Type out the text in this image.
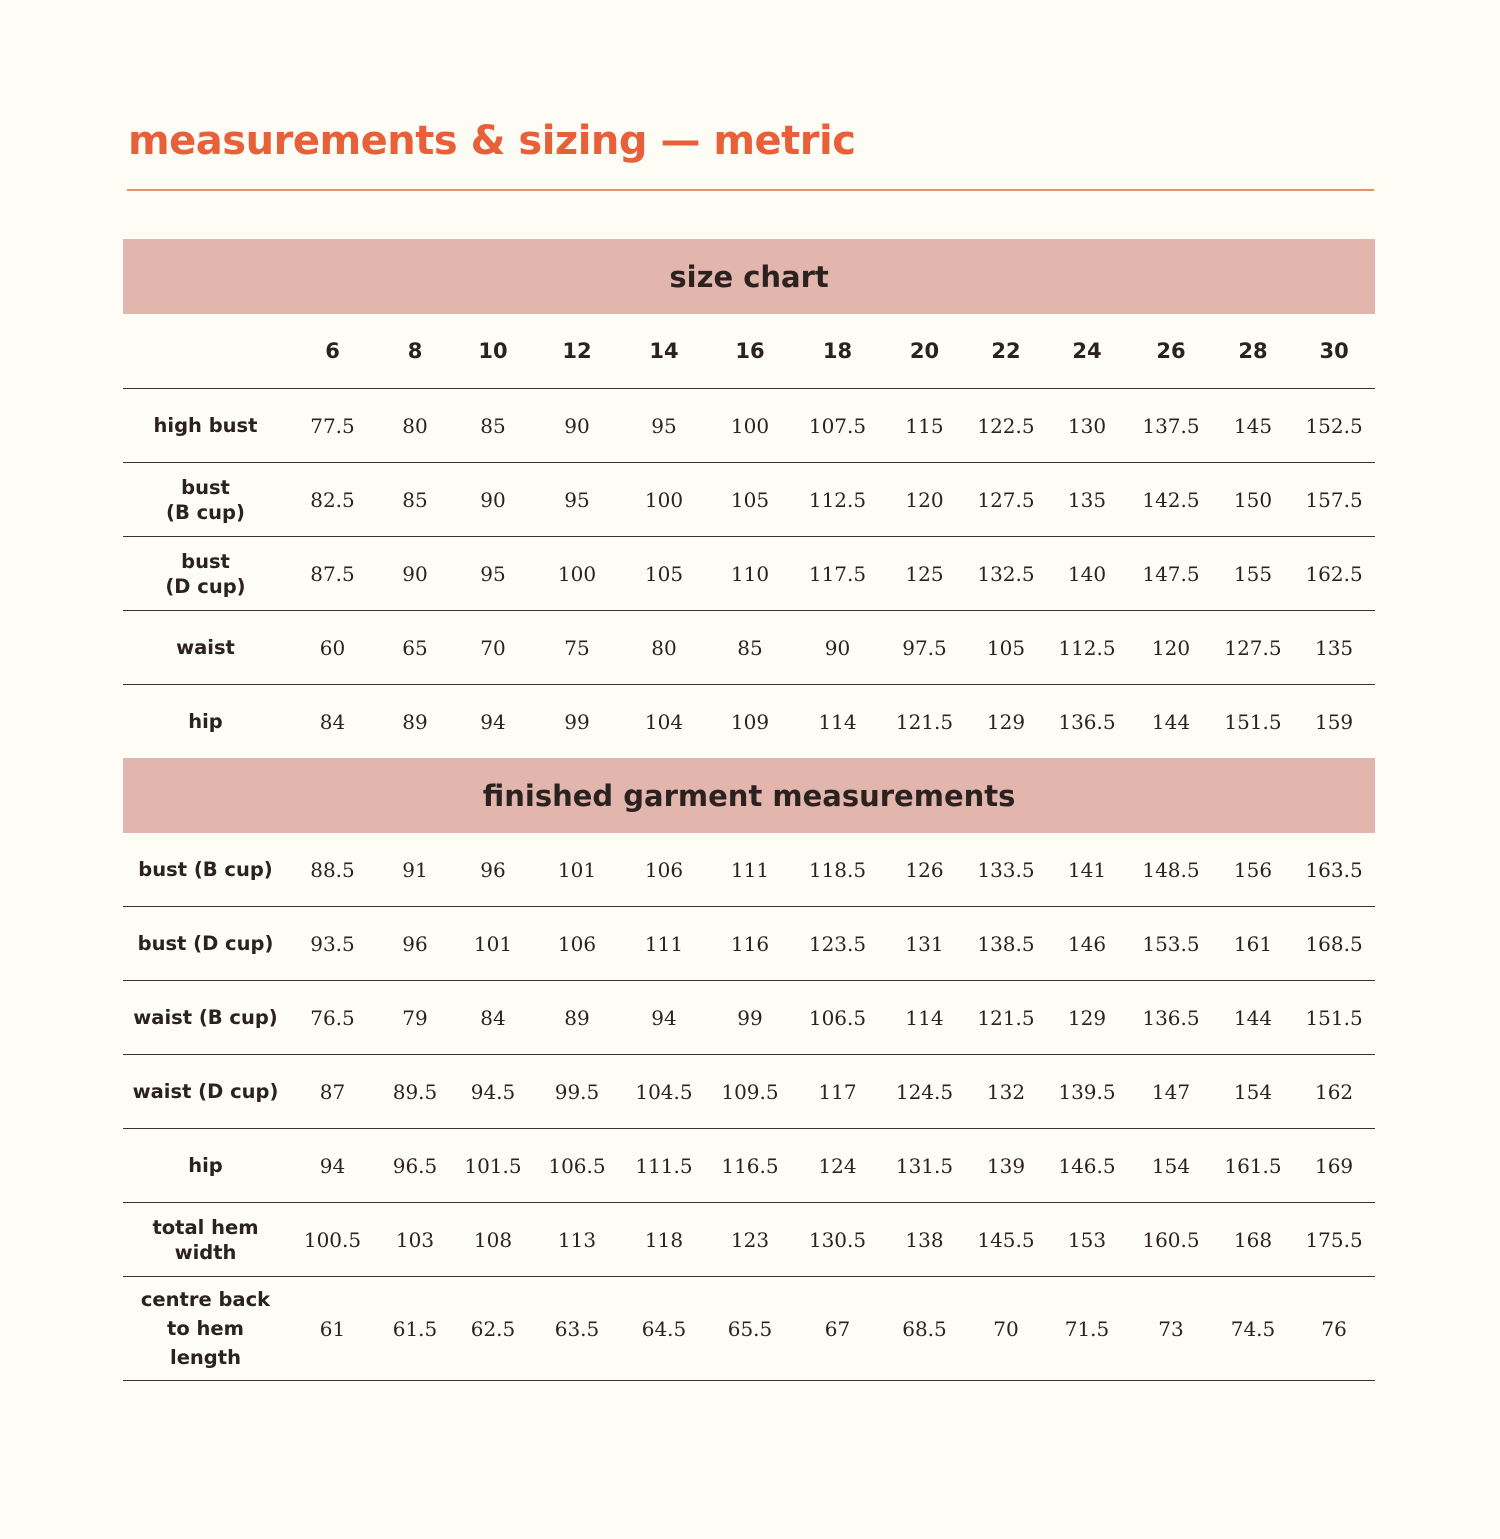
measurements & sizing — metric
size chart													
	6	8	10	12	14	16	18	20	22	24	26	28	30

high bust	77.5	80	85	90	95	100	107.5	115	122.5	130	137.5	145	152.5

bust
(B cup)	82.5	85	90	95	100	105	112.5	120	127.5	135	142.5	150	157.5

bust
(D cup)	87.5	90	95	100	105	110	117.5	125	132.5	140	147.5	155	162.5

waist	60	65	70	75	80	85	90	97.5	105	112.5	120	127.5	135

hip	84	89	94	99	104	109	114	121.5	129	136.5	144	151.5	159
finished garment measurements													

bust (B cup)	88.5	91	96	101	106	111	118.5	126	133.5	141	148.5	156	163.5

bust (D cup)	93.5	96	101	106	111	116	123.5	131	138.5	146	153.5	161	168.5

waist (B cup)	76.5	79	84	89	94	99	106.5	114	121.5	129	136.5	144	151.5

waist (D cup)	87	89.5	94.5	99.5	104.5	109.5	117	124.5	132	139.5	147	154	162

hip	94	96.5	101.5	106.5	111.5	116.5	124	131.5	139	146.5	154	161.5	169

total hem
width	100.5	103	108	113	118	123	130.5	138	145.5	153	160.5	168	175.5

centre back
to hem
length	61	61.5	62.5	63.5	64.5	65.5	67	68.5	70	71.5	73	74.5	76
